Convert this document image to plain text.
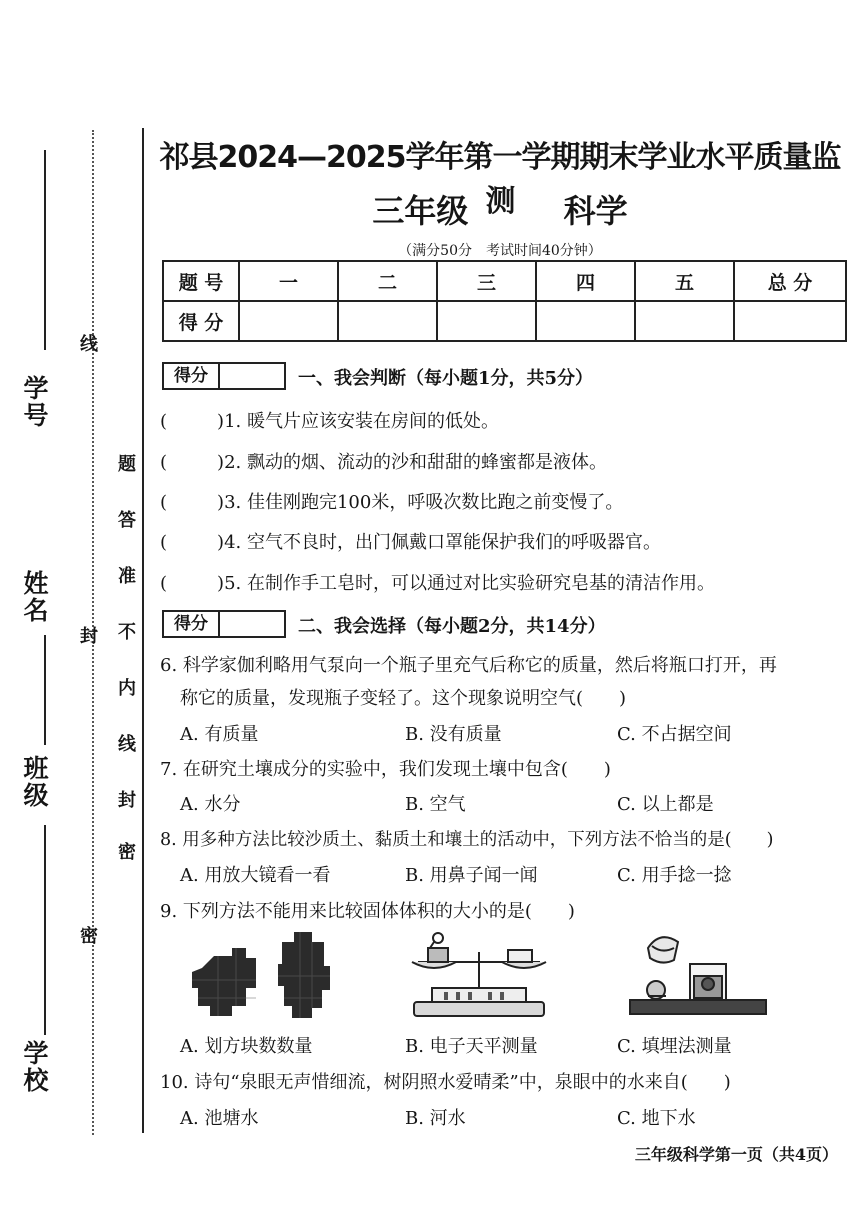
学号
姓名
班级
学校
线
封
密
题
答
准
不
内
线
封
密
祁县2024—2025学年第一学期期末学业水平质量监测
三年级	科学
（满分50分　考试时间40分钟）
题 号	一	二	三	四	五	总 分
得 分						
得分	一、我会判断（每小题1分，共5分）
(	)1. 暖气片应该安装在房间的低处。
(	)2. 飘动的烟、流动的沙和甜甜的蜂蜜都是液体。
(	)3. 佳佳刚跑完100米，呼吸次数比跑之前变慢了。
(	)4. 空气不良时，出门佩戴口罩能保护我们的呼吸器官。
(	)5. 在制作手工皂时，可以通过对比实验研究皂基的清洁作用。
得分	二、我会选择（每小题2分，共14分）
6. 科学家伽利略用气泵向一个瓶子里充气后称它的质量，然后将瓶口打开，再
称它的质量，发现瓶子变轻了。这个现象说明空气(　　)
A. 有质量	B. 没有质量	C. 不占据空间
7. 在研究土壤成分的实验中，我们发现土壤中包含(　　)
A. 水分	B. 空气	C. 以上都是
8. 用多种方法比较沙质土、黏质土和壤土的活动中，下列方法不恰当的是(　　)
A. 用放大镜看一看	B. 用鼻子闻一闻	C. 用手捻一捻
9. 下列方法不能用来比较固体体积的大小的是(　　)
A. 划方块数数量	B. 电子天平测量	C. 填埋法测量
10. 诗句“泉眼无声惜细流，树阴照水爱晴柔”中，泉眼中的水来自(　　)
A. 池塘水	B. 河水	C. 地下水
三年级科学第一页（共4页）
